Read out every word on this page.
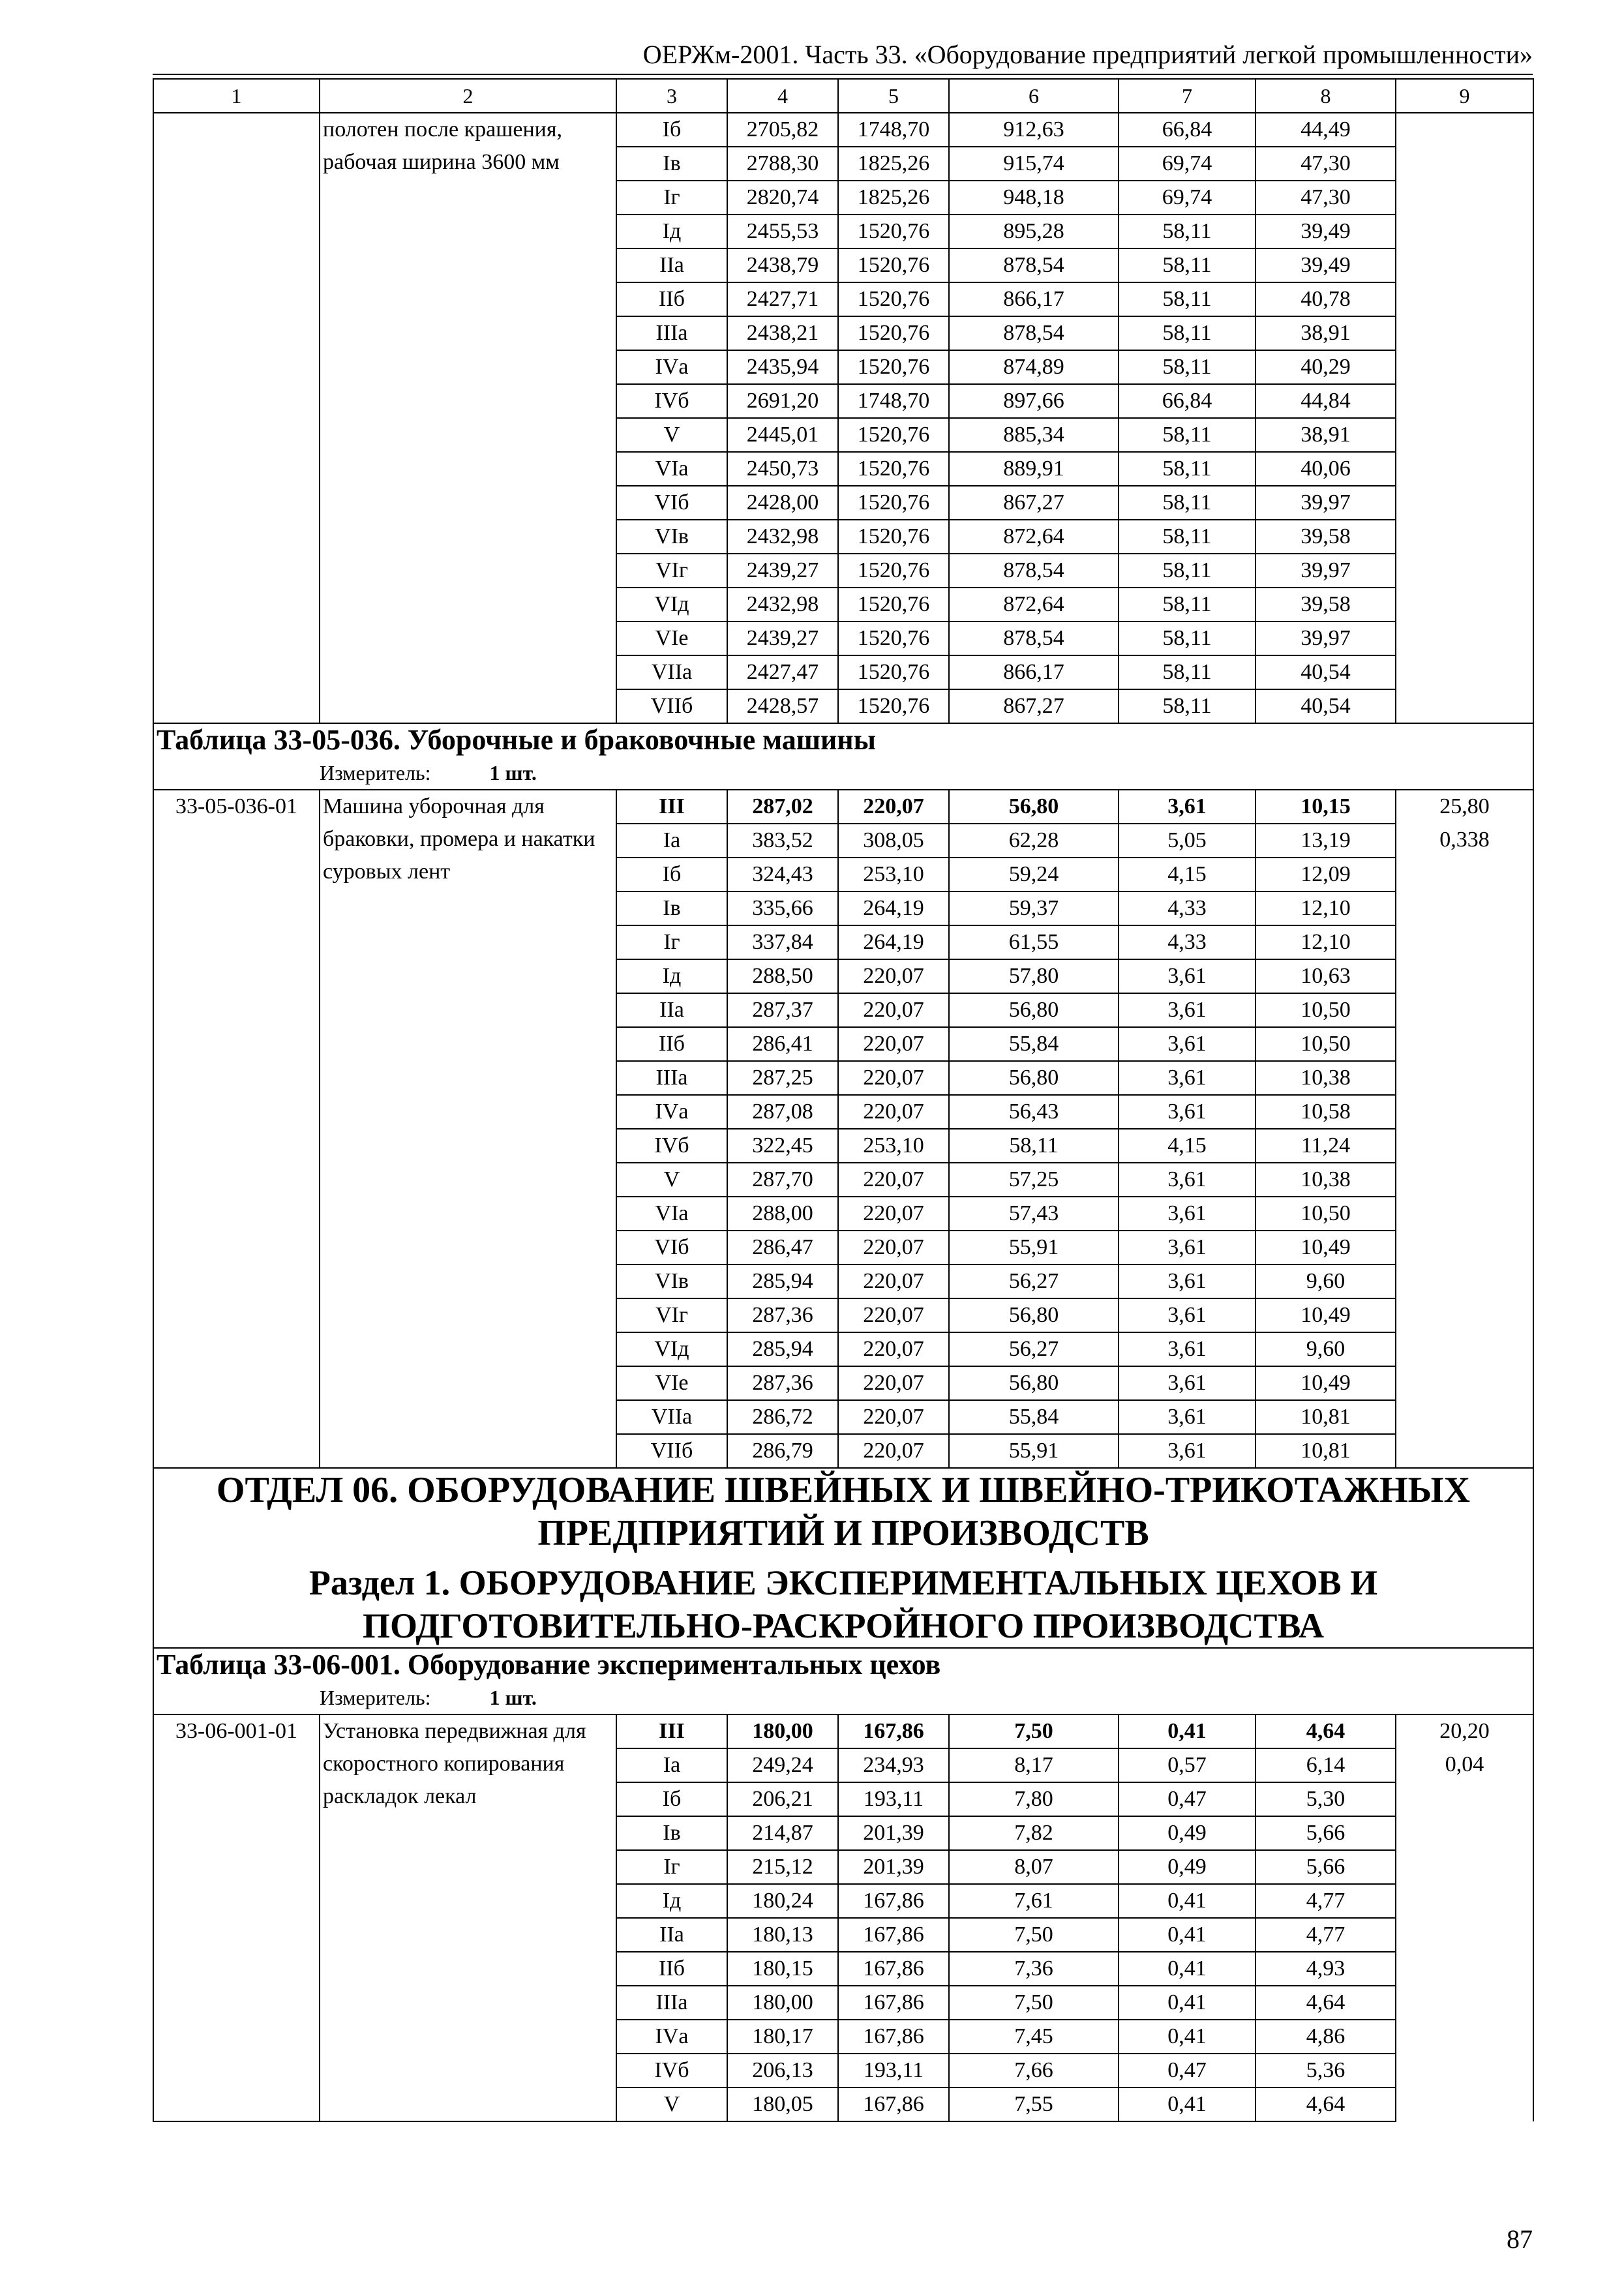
ОЕРЖм-2001. Часть 33. «Оборудование предприятий легкой промышленности»
1	2	3	4	5	6	7	8	9
	полотен после крашения, рабочая ширина 3600 мм	Iб	2705,82	1748,70	912,63	66,84	44,49	
		Iв	2788,30	1825,26	915,74	69,74	47,30	
		Iг	2820,74	1825,26	948,18	69,74	47,30	
		Iд	2455,53	1520,76	895,28	58,11	39,49	
		IIа	2438,79	1520,76	878,54	58,11	39,49	
		IIб	2427,71	1520,76	866,17	58,11	40,78	
		IIIа	2438,21	1520,76	878,54	58,11	38,91	
		IVа	2435,94	1520,76	874,89	58,11	40,29	
		IVб	2691,20	1748,70	897,66	66,84	44,84	
		V	2445,01	1520,76	885,34	58,11	38,91	
		VIа	2450,73	1520,76	889,91	58,11	40,06	
		VIб	2428,00	1520,76	867,27	58,11	39,97	
		VIв	2432,98	1520,76	872,64	58,11	39,58	
		VIг	2439,27	1520,76	878,54	58,11	39,97	
		VIд	2432,98	1520,76	872,64	58,11	39,58	
		VIе	2439,27	1520,76	878,54	58,11	39,97	
		VIIа	2427,47	1520,76	866,17	58,11	40,54	
		VIIб	2428,57	1520,76	867,27	58,11	40,54	
Таблица 33-05-036. Уборочные и браковочные машины								
Измеритель: 1 шт.								
33-05-036-01	Машина уборочная для браковки, промера и накатки суровых лент	III	287,02	220,07	56,80	3,61	10,15	25,80
		Iа	383,52	308,05	62,28	5,05	13,19	0,338
		Iб	324,43	253,10	59,24	4,15	12,09	
		Iв	335,66	264,19	59,37	4,33	12,10	
		Iг	337,84	264,19	61,55	4,33	12,10	
		Iд	288,50	220,07	57,80	3,61	10,63	
		IIа	287,37	220,07	56,80	3,61	10,50	
		IIб	286,41	220,07	55,84	3,61	10,50	
		IIIа	287,25	220,07	56,80	3,61	10,38	
		IVа	287,08	220,07	56,43	3,61	10,58	
		IVб	322,45	253,10	58,11	4,15	11,24	
		V	287,70	220,07	57,25	3,61	10,38	
		VIа	288,00	220,07	57,43	3,61	10,50	
		VIб	286,47	220,07	55,91	3,61	10,49	
		VIв	285,94	220,07	56,27	3,61	9,60	
		VIг	287,36	220,07	56,80	3,61	10,49	
		VIд	285,94	220,07	56,27	3,61	9,60	
		VIе	287,36	220,07	56,80	3,61	10,49	
		VIIа	286,72	220,07	55,84	3,61	10,81	
		VIIб	286,79	220,07	55,91	3,61	10,81	

ОТДЕЛ 06. ОБОРУДОВАНИЕ ШВЕЙНЫХ И ШВЕЙНО-ТРИКОТАЖНЫХ ПРЕДПРИЯТИЙ И ПРОИЗВОДСТВ
Раздел 1. ОБОРУДОВАНИЕ ЭКСПЕРИМЕНТАЛЬНЫХ ЦЕХОВ И ПОДГОТОВИТЕЛЬНО-РАСКРОЙНОГО ПРОИЗВОДСТВА								

Таблица 33-06-001. Оборудование экспериментальных цехов								
Измеритель: 1 шт.								
33-06-001-01	Установка передвижная для скоростного копирования раскладок лекал	III	180,00	167,86	7,50	0,41	4,64	20,20
		Iа	249,24	234,93	8,17	0,57	6,14	0,04
		Iб	206,21	193,11	7,80	0,47	5,30	
		Iв	214,87	201,39	7,82	0,49	5,66	
		Iг	215,12	201,39	8,07	0,49	5,66	
		Iд	180,24	167,86	7,61	0,41	4,77	
		IIа	180,13	167,86	7,50	0,41	4,77	
		IIб	180,15	167,86	7,36	0,41	4,93	
		IIIа	180,00	167,86	7,50	0,41	4,64	
		IVа	180,17	167,86	7,45	0,41	4,86	
		IVб	206,13	193,11	7,66	0,47	5,36	
		V	180,05	167,86	7,55	0,41	4,64	
87
